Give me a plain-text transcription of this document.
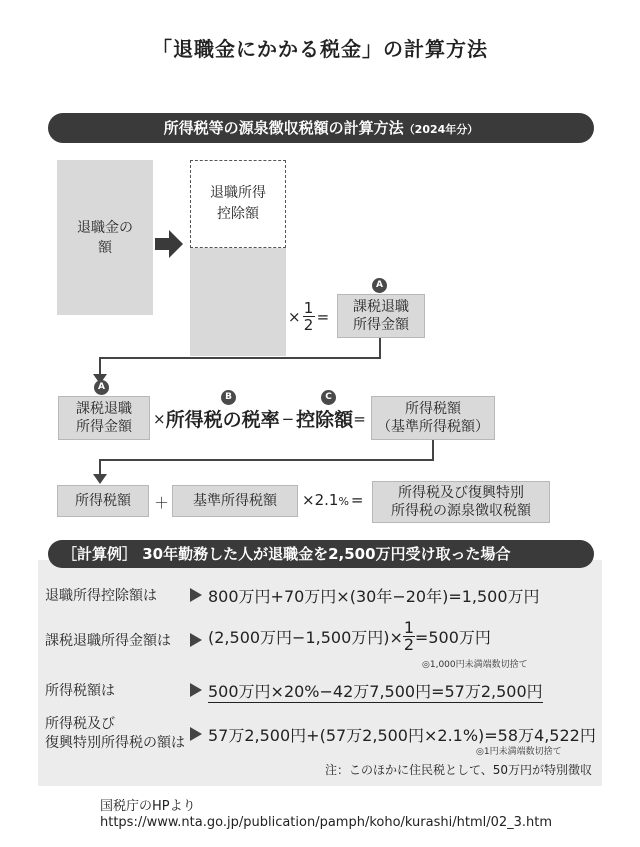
「退職金にかかる税金」の計算方法
所得税等の源泉徴収税額の計算方法（2024年分）
退職金の
額
退職所得
控除額
× $\frac{1}{2}$ =
A
課税退職
所得金額
A
課税退職
所得金額 × 所得税の税率 − 控除額 =
B	C
所得税額
（基準所得税額）
所得税額	＋	基準所得税額	× 2.1 % = 所得税及び復興特別
所得税の源泉徴収税額
［計算例］ 30年勤務した人が退職金を2,500万円受け取った場合
退職所得控除額は	800万円+70万円×(30年−20年)=1,500万円
課税退職所得金額は (2,500万円−1,500万円)× $\frac{1}{2} =500$万円
◎1,000円未満端数切捨て
所得税額は	500万円×20%−42万7,500円=57万2,500円
所得税及び
復興特別所得税の額は 57万2,500円+(57万2,500円×2.1%)=58万4,522円
◎1円未満端数切捨て
注：このほかに住民税として、50万円が特別徴収
国税庁のHPより
https://www.nta.go.jp/publication/pamph/koho/kurashi/html/02_3.htm
